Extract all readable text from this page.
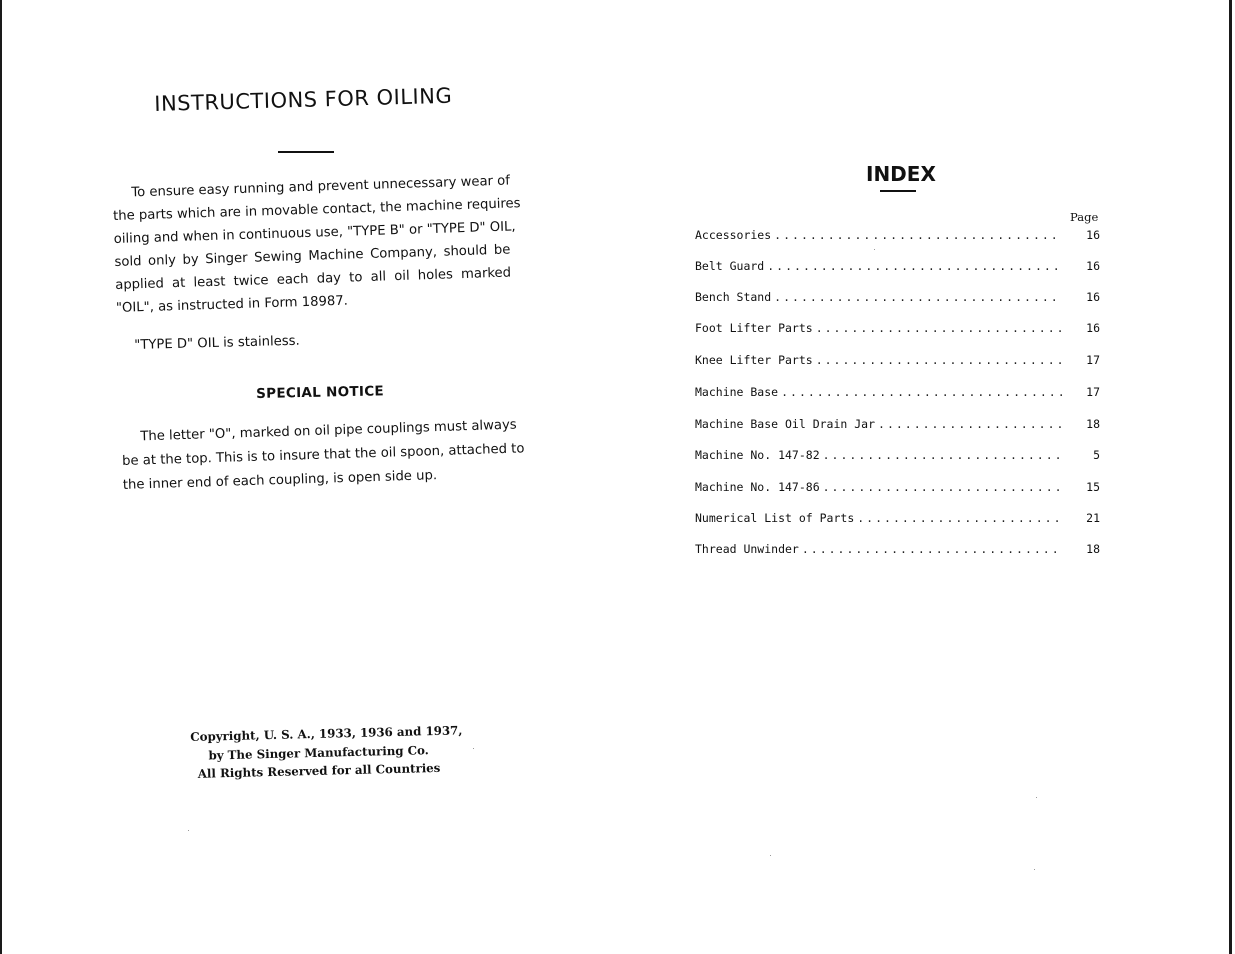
INSTRUCTIONS FOR OILING
To ensure easy running and prevent unnecessary wear of
the parts which are in movable contact, the machine requires
oiling and when in continuous use, "TYPE B" or "TYPE D" OIL,
sold only by Singer Sewing Machine Company, should be
applied at least twice each day to all oil holes marked
"OIL", as instructed in Form 18987.

"TYPE D" OIL is stainless.

SPECIAL NOTICE
The letter "O", marked on oil pipe couplings must always
be at the top. This is to insure that the oil spoon, attached to
the inner end of each coupling, is open side up.
Copyright, U. S. A., 1933, 1936 and 1937,
by The Singer Manufacturing Co.
All Rights Reserved for all Countries
INDEX
Page
Accessories .....	16
Belt Guard .....	16
Bench Stand .....	16
Foot Lifter Parts .....	16
Knee Lifter Parts .....	17
Machine Base .....	17
Machine Base Oil Drain Jar .....	18
Machine No. 147-82 .....	5
Machine No. 147-86 .....	15
Numerical List of Parts .....	21
Thread Unwinder .....	18
